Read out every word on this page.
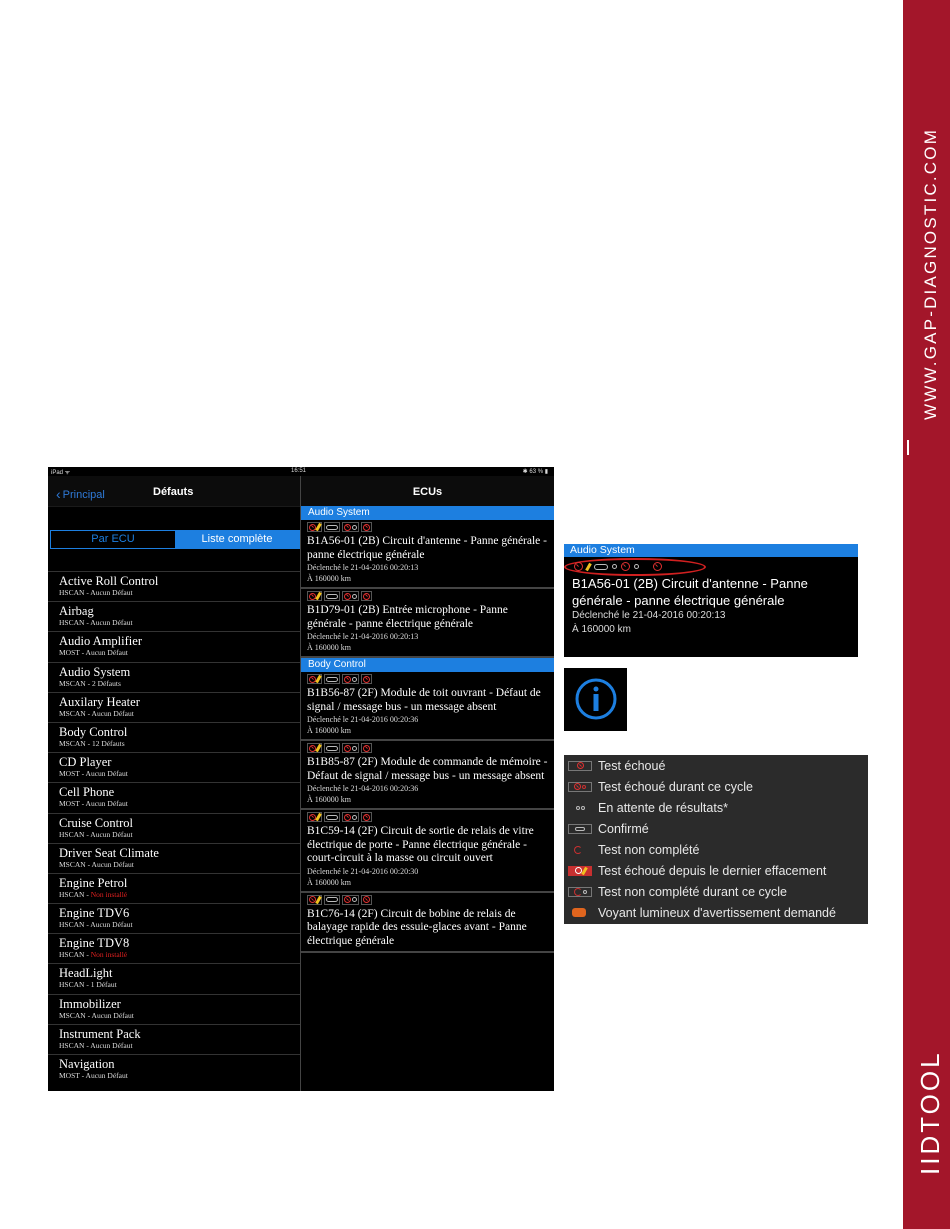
WWW.GAP-DIAGNOSTIC.COM
IIDTOOL
iPad ᯤ	16:51	✱ 63 % ▮
‹ Principal	Défauts
Par ECU	Liste complète
Active Roll Control
HSCAN - Aucun Défaut
Airbag
HSCAN - Aucun Défaut
Audio Amplifier
MOST - Aucun Défaut
Audio System
MSCAN - 2 Défauts
Auxilary Heater
MSCAN - Aucun Défaut
Body Control
MSCAN - 12 Défauts
CD Player
MOST - Aucun Défaut
Cell Phone
MOST - Aucun Défaut
Cruise Control
HSCAN - Aucun Défaut
Driver Seat Climate
MSCAN - Aucun Défaut
Engine Petrol
HSCAN - Non installé
Engine TDV6
HSCAN - Aucun Défaut
Engine TDV8
HSCAN - Non installé
HeadLight
HSCAN - 1 Défaut
Immobilizer
MSCAN - Aucun Défaut
Instrument Pack
HSCAN - Aucun Défaut
Navigation
MOST - Aucun Défaut
ECUs
Audio System
B1A56-01 (2B) Circuit d'antenne - Panne générale - panne électrique générale
Déclenché le 21-04-2016 00:20:13
À 160000 km
B1D79-01 (2B) Entrée microphone - Panne générale - panne électrique générale
Déclenché le 21-04-2016 00:20:13
À 160000 km
Body Control
B1B56-87 (2F) Module de toit ouvrant - Défaut de signal / message bus - un message absent
Déclenché le 21-04-2016 00:20:36
À 160000 km
B1B85-87 (2F) Module de commande de mémoire - Défaut de signal / message bus - un message absent
Déclenché le 21-04-2016 00:20:36
À 160000 km
B1C59-14 (2F) Circuit de sortie de relais de vitre électrique de porte - Panne électrique générale - court-circuit à la masse ou circuit ouvert
Déclenché le 21-04-2016 00:20:30
À 160000 km
B1C76-14 (2F) Circuit de bobine de relais de balayage rapide des essuie-glaces avant - Panne électrique générale
Audio System
B1A56-01 (2B) Circuit d'antenne - Panne générale - panne électrique générale
Déclenché le 21-04-2016 00:20:13
À 160000 km
Test échoué
Test échoué durant ce cycle
En attente de résultats*
Confirmé
Test non complété
Test échoué depuis le dernier effacement
Test non complété durant ce cycle
Voyant lumineux d'avertissement demandé
